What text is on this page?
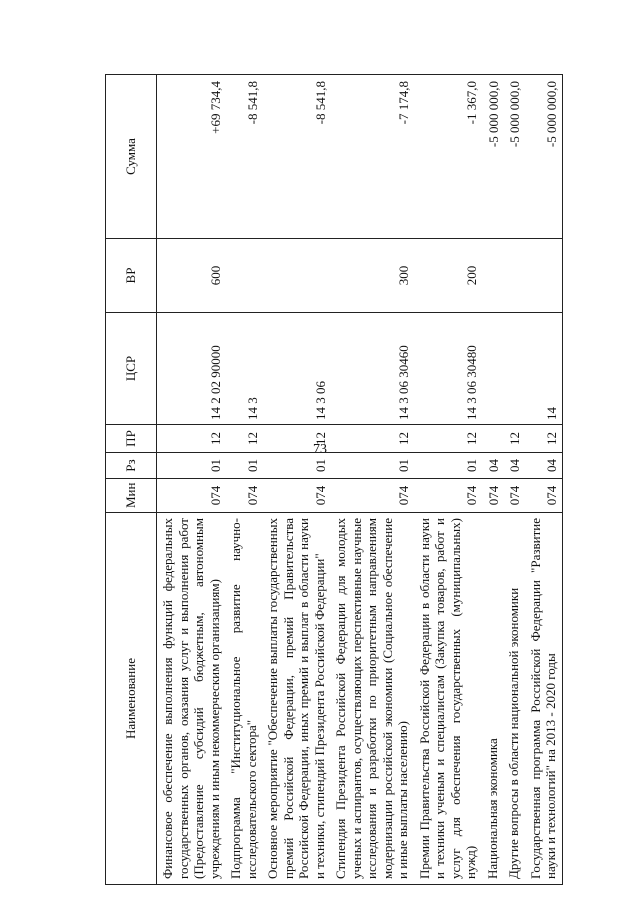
73
Наименование	Мин	Рз	ПР	ЦСР	ВР	Сумма
Финансовое обеспечение выполнения функций федеральных государственных органов, оказания услуг и выполнения работ (Предоставление субсидий бюджетным, автономным учреждениям и иным некоммерческим организациям)	074	01	12	14 2 02 90000	600	+69 734,4
Подпрограмма "Институциональное развитие научно-исследовательского сектора"	074	01	12	14 3		-8 541,8
Основное мероприятие "Обеспечение выплаты государственных премий Российской Федерации, премий Правительства Российской Федерации, иных премий и выплат в области науки и техники, стипендий Президента Российской Федерации"	074	01	12	14 3 06		-8 541,8
Стипендия Президента Российской Федерации для молодых ученых и аспирантов, осуществляющих перспективные научные исследования и разработки по приоритетным направлениям модернизации российской экономики (Социальное обеспечение и иные выплаты населению)	074	01	12	14 3 06 30460	300	-7 174,8
Премии Правительства Российской Федерации в области науки и техники ученым и специалистам (Закупка товаров, работ и услуг для обеспечения государственных (муниципальных) нужд)	074	01	12	14 3 06 30480	200	-1 367,0
Национальная экономика	074	04				-5 000 000,0
Другие вопросы в области национальной экономики	074	04	12			-5 000 000,0
Государственная программа Российской Федерации "Развитие науки и технологий" на 2013 - 2020 годы	074	04	12	14		-5 000 000,0
